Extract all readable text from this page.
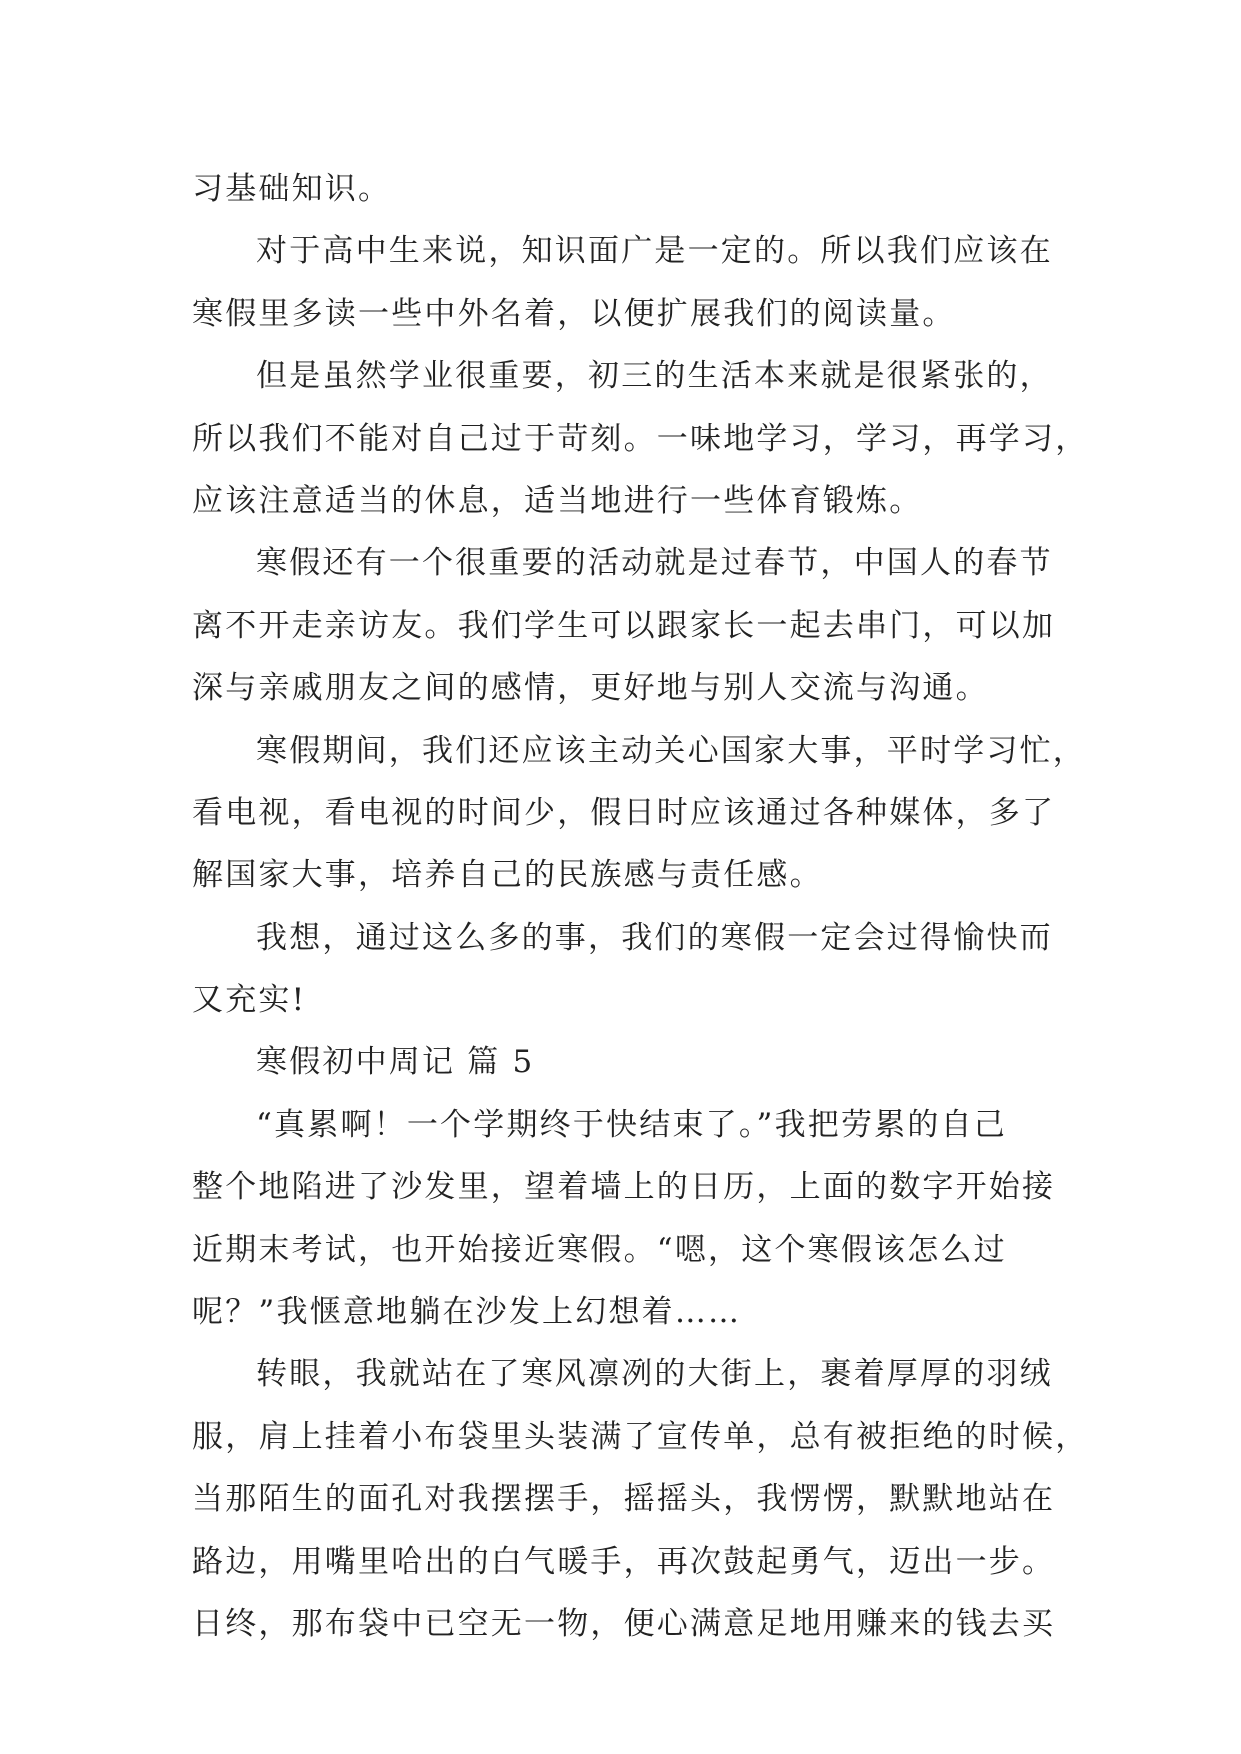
习基础知识。
对于高中生来说，知识面广是一定的。所以我们应该在
寒假里多读一些中外名着，以便扩展我们的阅读量。
但是虽然学业很重要，初三的生活本来就是很紧张的，
所以我们不能对自己过于苛刻。一味地学习，学习，再学习，
应该注意适当的休息，适当地进行一些体育锻炼。
寒假还有一个很重要的活动就是过春节，中国人的春节
离不开走亲访友。我们学生可以跟家长一起去串门，可以加
深与亲戚朋友之间的感情，更好地与别人交流与沟通。
寒假期间，我们还应该主动关心国家大事，平时学习忙，
看电视，看电视的时间少，假日时应该通过各种媒体，多了
解国家大事，培养自己的民族感与责任感。
我想，通过这么多的事，我们的寒假一定会过得愉快而
又充实!
寒假初中周记 篇 5
“真累啊！一个学期终于快结束了。”我把劳累的自己
整个地陷进了沙发里，望着墙上的日历，上面的数字开始接
近期末考试，也开始接近寒假。“嗯，这个寒假该怎么过
呢？”我惬意地躺在沙发上幻想着……
转眼，我就站在了寒风凛冽的大街上，裹着厚厚的羽绒
服，肩上挂着小布袋里头装满了宣传单，总有被拒绝的时候，
当那陌生的面孔对我摆摆手，摇摇头，我愣愣，默默地站在
路边，用嘴里哈出的白气暖手，再次鼓起勇气，迈出一步。
日终，那布袋中已空无一物，便心满意足地用赚来的钱去买
